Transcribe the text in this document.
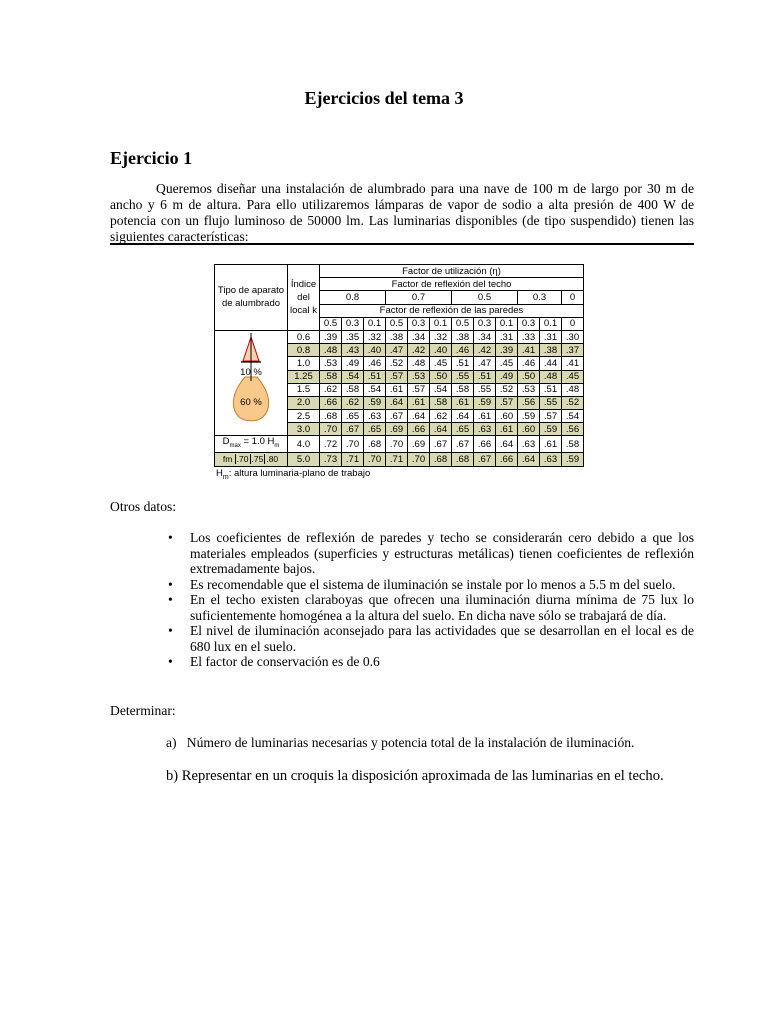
Ejercicios del tema 3
Ejercicio 1
Queremos diseñar una instalación de alumbrado para una nave de 100 m de largo por 30 m de ancho y 6 m de altura. Para ello utilizaremos lámparas de vapor de sodio a alta presión de 400 W de potencia con un flujo luminoso de 50000 lm. Las luminarias disponibles (de tipo suspendido) tienen las siguientes características:
Tipo de aparato de alumbrado	Índice del local k	Factor de utilización (η)											
		Factor de reflexión del techo											
		0.8			0.7			0.5			0.3		0
		Factor de reflexión de las paredes											
		0.5	0.3	0.1	0.5	0.3	0.1	0.5	0.3	0.1	0.3	0.1	0

10 %
60 %	0.6	.39	.35	.32	.38	.34	.32	.38	.34	.31	.33	.31	.30
	0.8	.48	.43	.40	.47	.42	.40	.46	.42	.39	.41	.38	.37
	1.0	.53	.49	.46	.52	.48	.45	.51	.47	.45	.46	.44	.41
	1.25	.58	.54	.51	.57	.53	.50	.55	.51	.49	.50	.48	.45
	1.5	.62	.58	.54	.61	.57	.54	.58	.55	.52	.53	.51	.48
	2.0	.66	.62	.59	.64	.61	.58	.61	.59	.57	.56	.55	.52
	2.5	.68	.65	.63	.67	.64	.62	.64	.61	.60	.59	.57	.54
	3.0	.70	.67	.65	.69	.66	.64	.65	.63	.61	.60	.59	.56
$D_{max} = 1.0$ $H_m$	4.0	.72	.70	.68	.70	.69	.67	.67	.66	.64	.63	.61	.58
fm .70 .75 .80	5.0	.73	.71	.70	.71	.70	.68	.68	.67	.66	.64	.63	.59
$H_m$: altura luminaria-plano de trabajo
Otros datos:
• Los coeficientes de reflexión de paredes y techo se considerarán cero debido a que los materiales empleados (superficies y estructuras metálicas) tienen coeficientes de reflexión extremadamente bajos.
• Es recomendable que el sistema de iluminación se instale por lo menos a 5.5 m del suelo.
• En el techo existen claraboyas que ofrecen una iluminación diurna mínima de 75 lux lo suficientemente homogénea a la altura del suelo. En dicha nave sólo se trabajará de día.
• El nivel de iluminación aconsejado para las actividades que se desarrollan en el local es de 680 lux en el suelo.
• El factor de conservación es de 0.6
Determinar:
a)   Número de luminarias necesarias y potencia total de la instalación de iluminación.
b) Representar en un croquis la disposición aproximada de las luminarias en el techo.
